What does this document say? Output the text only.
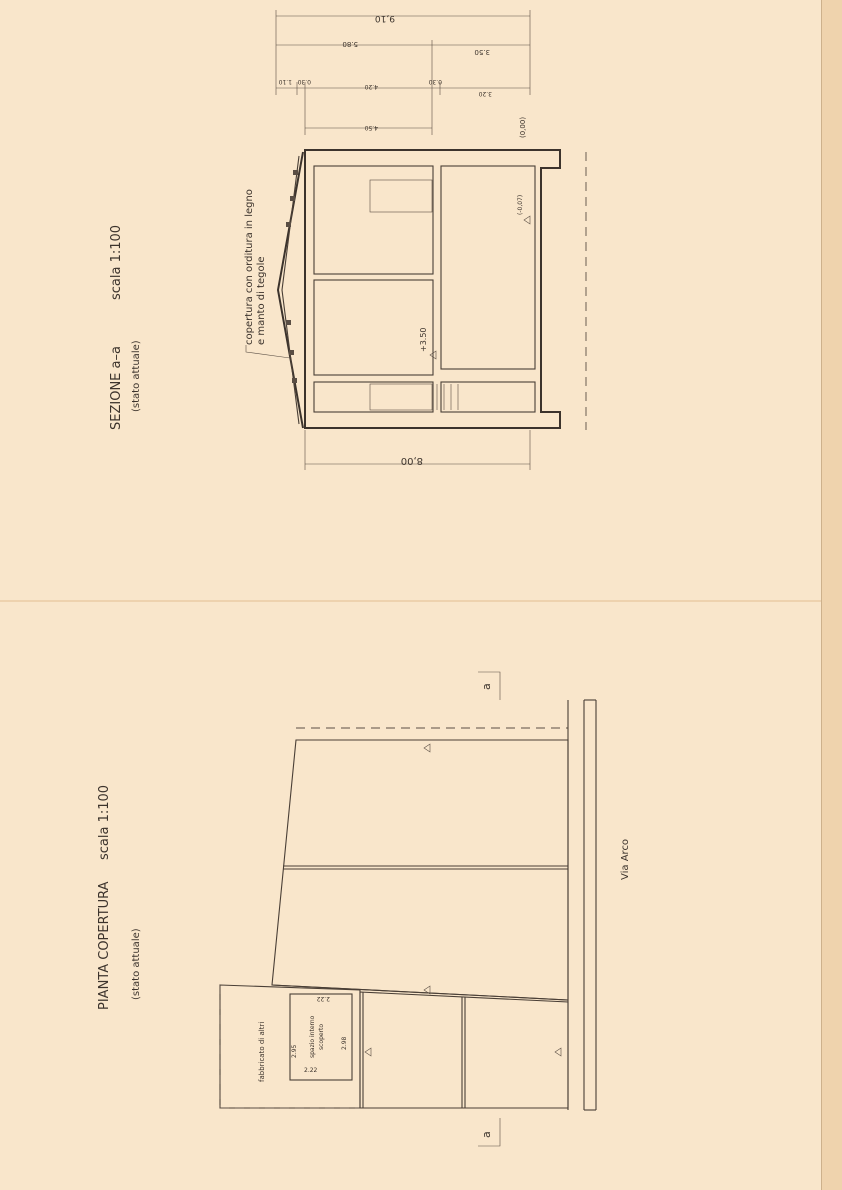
SEZIONE a–a
scala 1:100
(stato attuale)
9,10
5.80
3.50
1.10 0.30
4.20
0.30
3.20
4.50	(0,00)
(-0,07)
+3.50
copertura con orditura in legno e manto di tegole
8,00
PIANTA COPERTURA
scala 1:100
(stato attuale)
a
a
fabbricato di altri	spazio interno scoperto
2.22
2.95
2.98
2.22
Via Arco
